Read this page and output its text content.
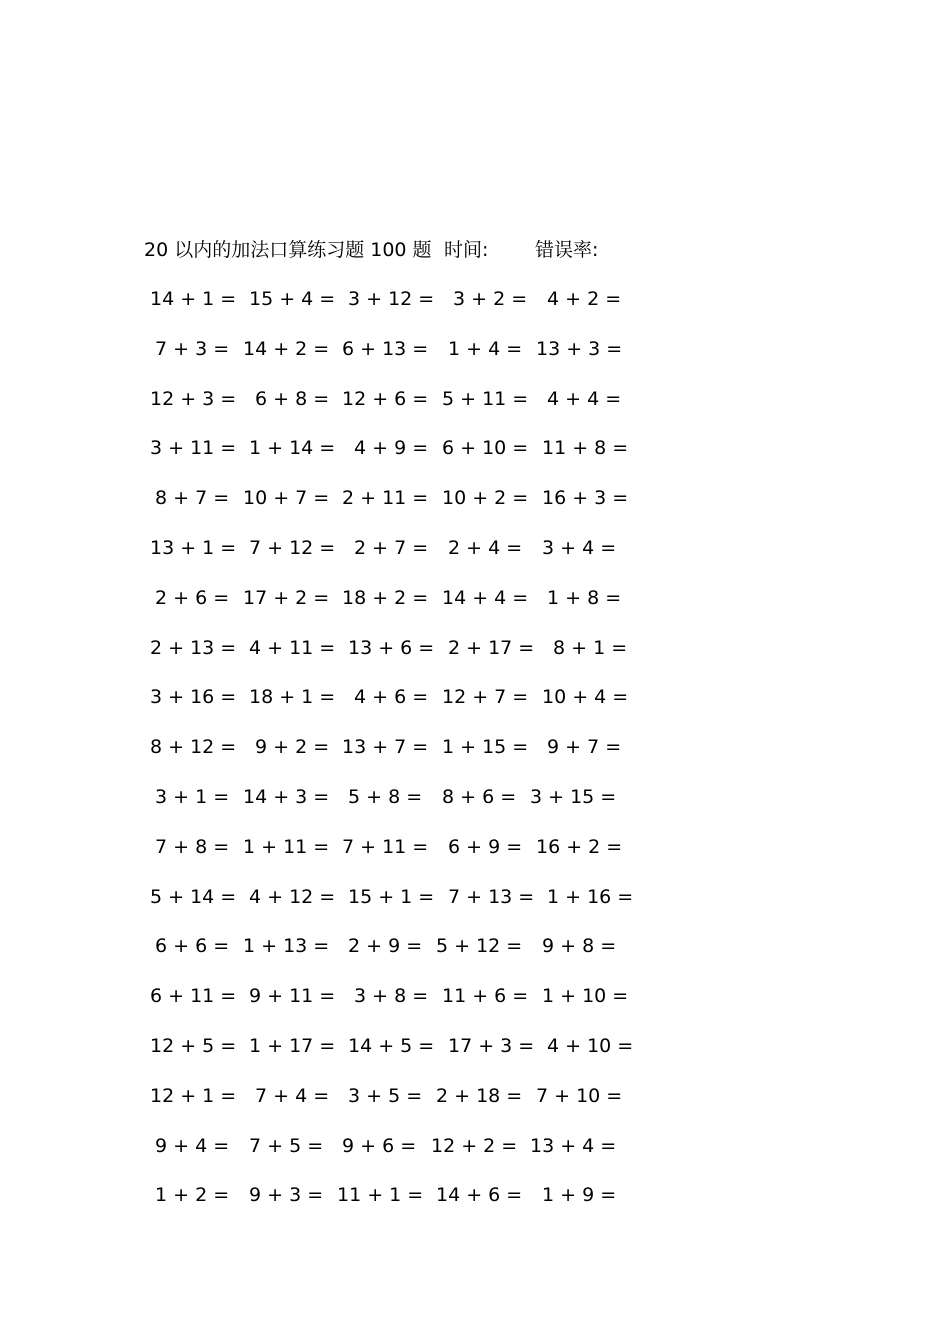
20 以内的加法口算练习题 100 题 时间: 错误率:
14 + 1 = 15 + 4 = 3 + 12 = 3 + 2 = 4 + 2 =
7 + 3 = 14 + 2 = 6 + 13 = 1 + 4 = 13 + 3 =
12 + 3 = 6 + 8 = 12 + 6 = 5 + 11 = 4 + 4 =
3 + 11 = 1 + 14 = 4 + 9 = 6 + 10 = 11 + 8 =
8 + 7 = 10 + 7 = 2 + 11 = 10 + 2 = 16 + 3 =
13 + 1 = 7 + 12 = 2 + 7 = 2 + 4 = 3 + 4 =
2 + 6 = 17 + 2 = 18 + 2 = 14 + 4 = 1 + 8 =
2 + 13 = 4 + 11 = 13 + 6 = 2 + 17 = 8 + 1 =
3 + 16 = 18 + 1 = 4 + 6 = 12 + 7 = 10 + 4 =
8 + 12 = 9 + 2 = 13 + 7 = 1 + 15 = 9 + 7 =
3 + 1 = 14 + 3 = 5 + 8 = 8 + 6 = 3 + 15 =
7 + 8 = 1 + 11 = 7 + 11 = 6 + 9 = 16 + 2 =
5 + 14 = 4 + 12 = 15 + 1 = 7 + 13 = 1 + 16 =
6 + 6 = 1 + 13 = 2 + 9 = 5 + 12 = 9 + 8 =
6 + 11 = 9 + 11 = 3 + 8 = 11 + 6 = 1 + 10 =
12 + 5 = 1 + 17 = 14 + 5 = 17 + 3 = 4 + 10 =
12 + 1 = 7 + 4 = 3 + 5 = 2 + 18 = 7 + 10 =
9 + 4 = 7 + 5 = 9 + 6 = 12 + 2 = 13 + 4 =
1 + 2 = 9 + 3 = 11 + 1 = 14 + 6 = 1 + 9 =
